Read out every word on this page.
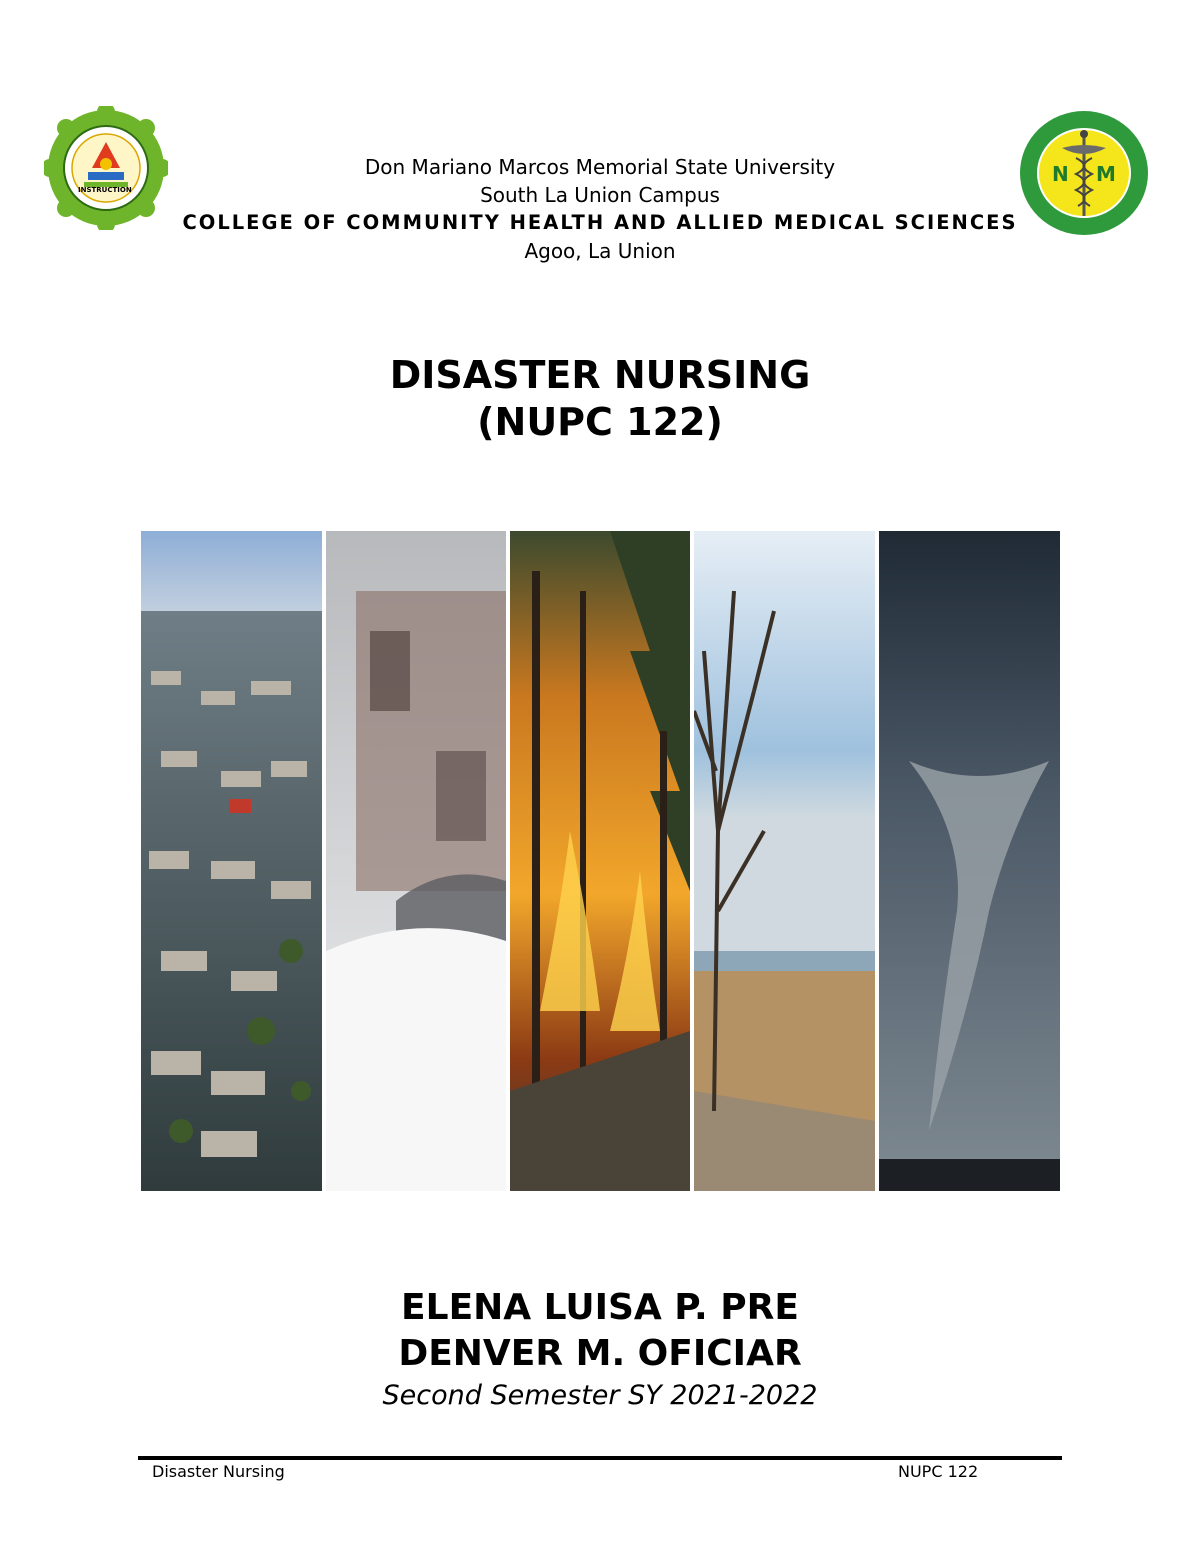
INSTRUCTION
N M
Don Mariano Marcos Memorial State University
South La Union Campus
COLLEGE OF COMMUNITY HEALTH AND ALLIED MEDICAL SCIENCES
Agoo, La Union
DISASTER NURSING
(NUPC 122)
ELENA LUISA P. PRE
DENVER M. OFICIAR
Second Semester SY 2021-2022
Disaster Nursing	NUPC 122
